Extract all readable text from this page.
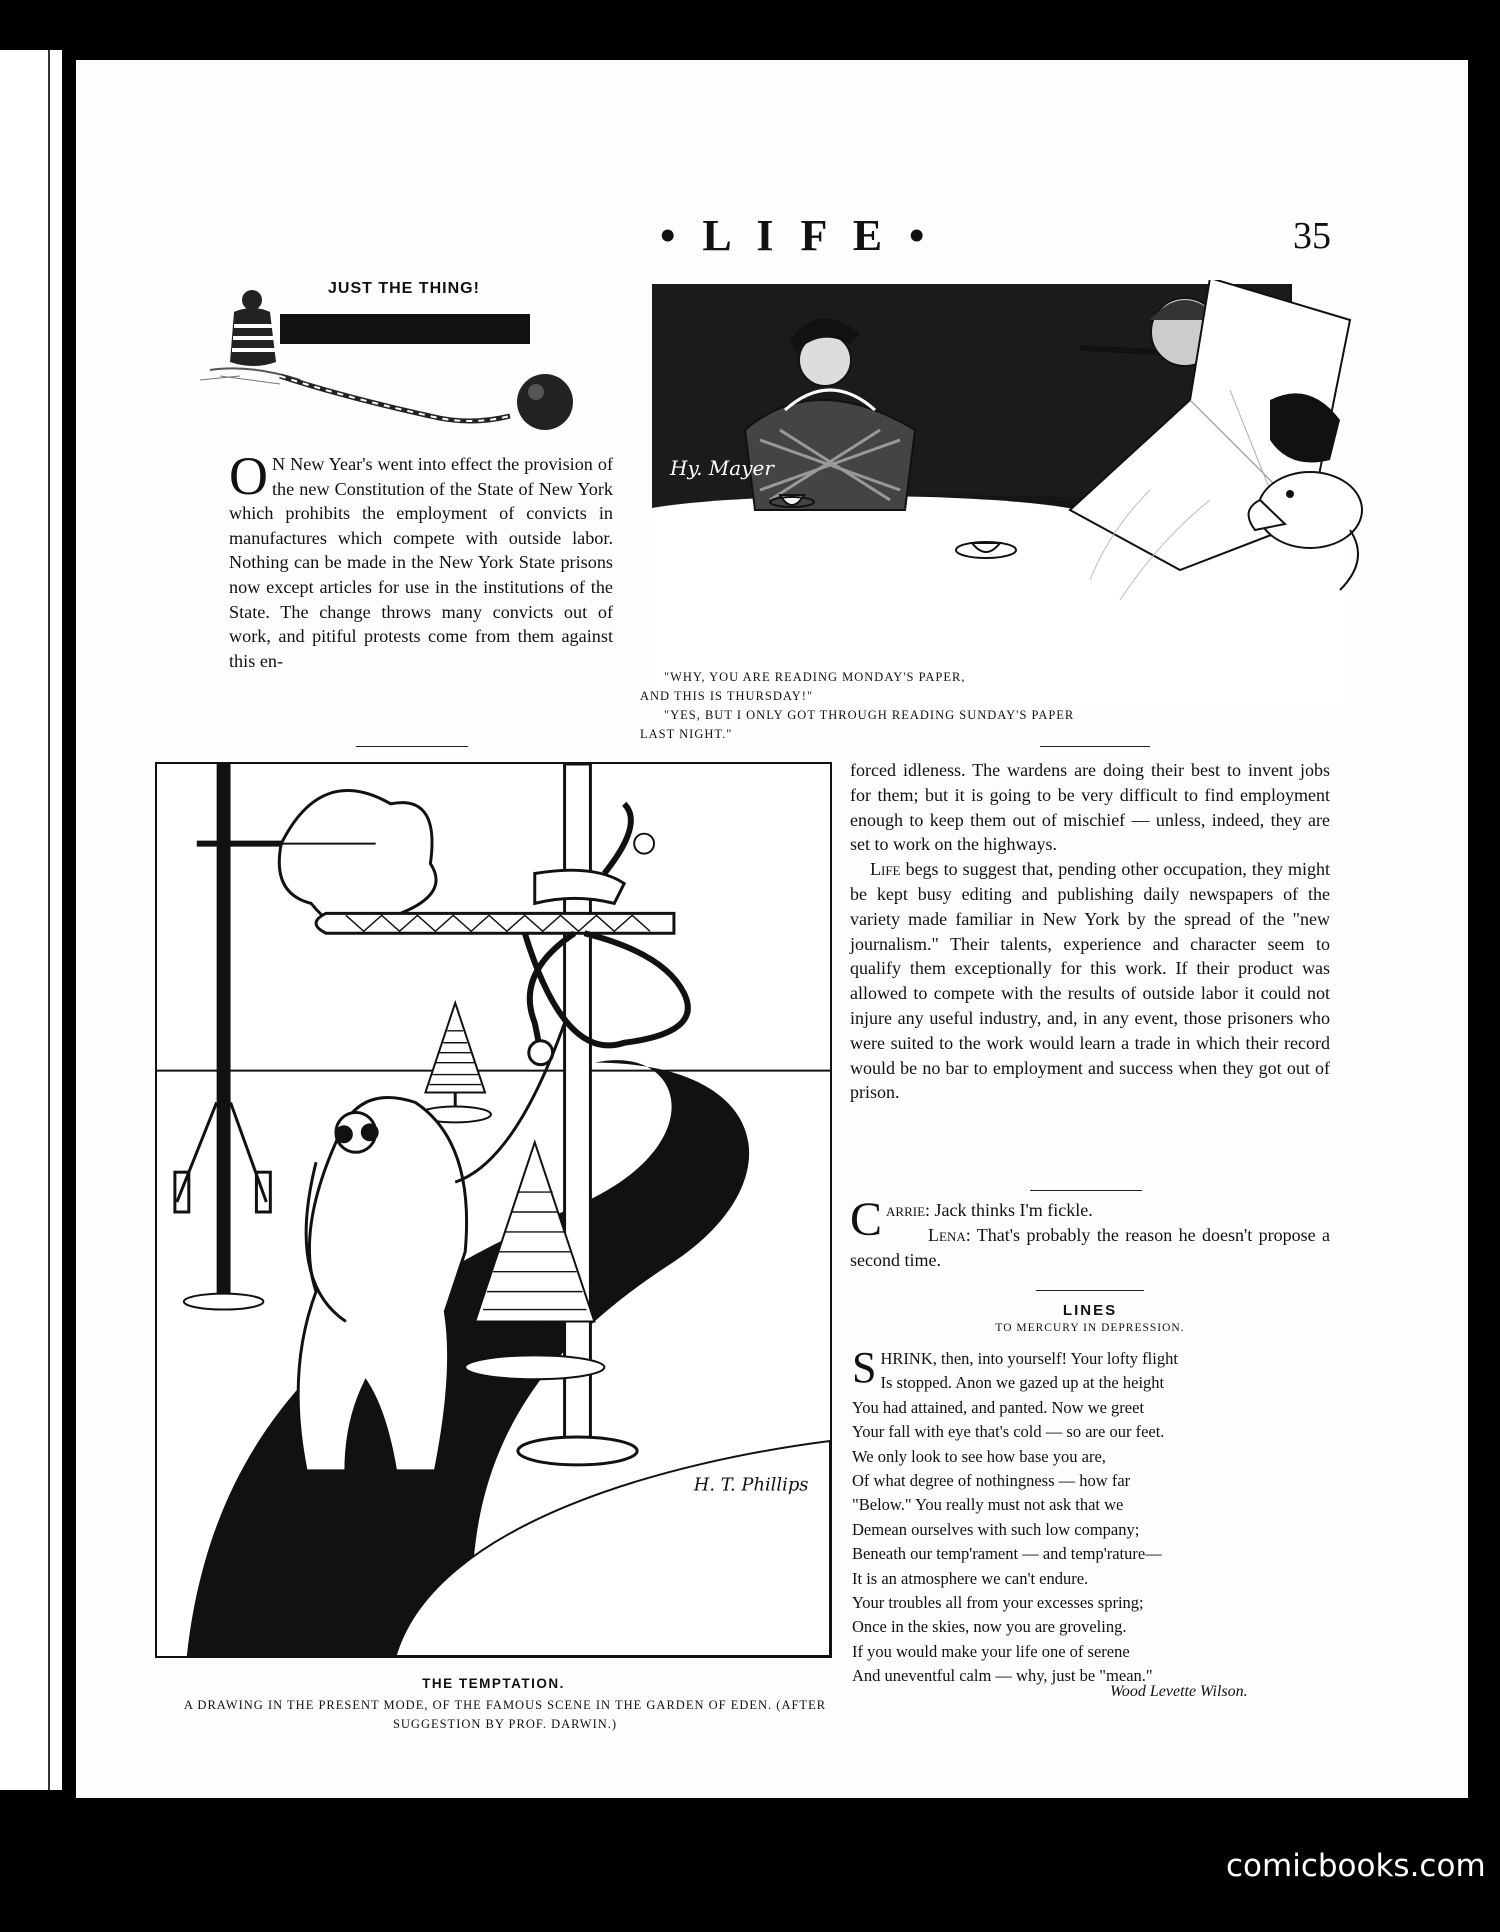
• L I F E •	35
JUST THE THING!
O N New Year's went into effect the provision of the new Constitution of the State of New York which prohibits the employment of convicts in manufactures which compete with outside labor. Nothing can be made in the New York State prisons now except articles for use in the institutions of the State. The change throws many convicts out of work, and pitiful protests come from them against this en-
Hy. Mayer
"WHY, YOU ARE READING MONDAY'S PAPER,
AND THIS IS THURSDAY!"
"YES, BUT I ONLY GOT THROUGH READING SUNDAY'S PAPER
LAST NIGHT."
H. T. Phillips
THE TEMPTATION.
A DRAWING IN THE PRESENT MODE, OF THE FAMOUS SCENE IN THE GARDEN OF EDEN. (AFTER SUGGESTION BY PROF. DARWIN.)

forced idleness. The wardens are doing their best to invent jobs for them; but it is going to be very difficult to find employment enough to keep them out of mischief — unless, indeed, they are set to work on the highways.

Life begs to suggest that, pending other occupation, they might be kept busy editing and publishing daily newspapers of the variety made familiar in New York by the spread of the "new journalism." Their talents, experience and character seem to qualify them exceptionally for this work. If their product was allowed to compete with the results of outside labor it could not injure any useful industry, and, in any event, those prisoners who were suited to the work would learn a trade in which their record would be no bar to employment and success when they got out of prison.

Carrie: Jack thinks I'm fickle.
Lena: That's probably the reason he doesn't propose a second time.
LINES
TO MERCURY IN DEPRESSION.
S HRINK, then, into yourself! Your lofty flight
Is stopped. Anon we gazed up at the height
You had attained, and panted. Now we greet
Your fall with eye that's cold — so are our feet.
We only look to see how base you are,
Of what degree of nothingness — how far
"Below." You really must not ask that we
Demean ourselves with such low company;
Beneath our temp'rament — and temp'rature—
It is an atmosphere we can't endure.
Your troubles all from your excesses spring;
Once in the skies, now you are groveling.
If you would make your life one of serene
And uneventful calm — why, just be "mean."
Wood Levette Wilson.
comicbooks.com
